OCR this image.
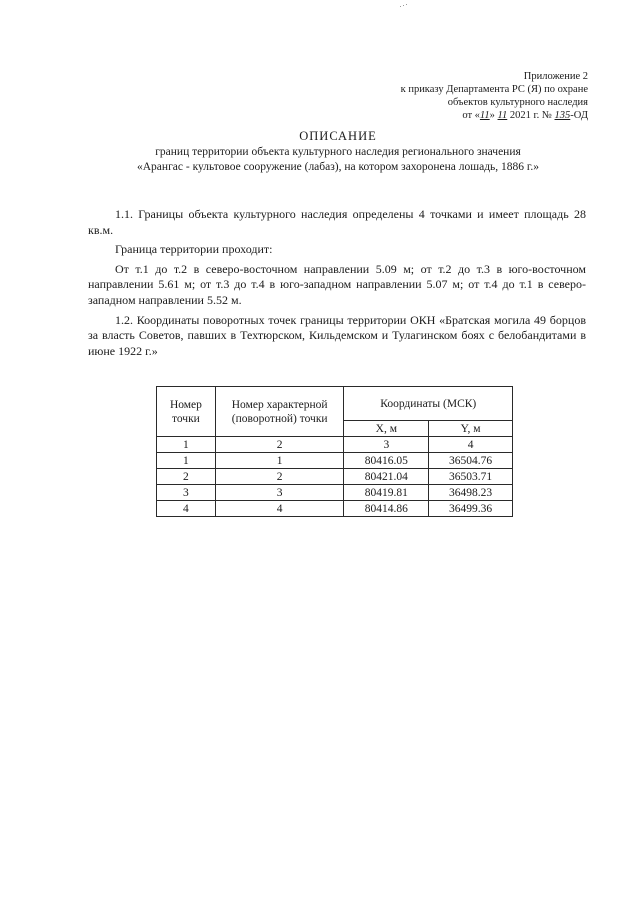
Приложение 2
к приказу Департамента РС (Я) по охране
объектов культурного наследия
от «11» 11 2021 г. № 135-ОД
ОПИСАНИЕ
границ территории объекта культурного наследия регионального значения
«Арангас - культовое сооружение (лабаз), на котором захоронена лошадь, 1886 г.»

1.1. Границы объекта культурного наследия определены 4 точками и имеет площадь 28 кв.м.

Граница территории проходит:

От т.1 до т.2 в северо-восточном направлении 5.09 м; от т.2 до т.3 в юго-восточном направлении 5.61 м; от т.3 до т.4 в юго-западном направлении 5.07 м; от т.4 до т.1 в северо-западном направлении 5.52 м.

1.2. Координаты поворотных точек границы территории ОКН «Братская могила 49 борцов за власть Советов, павших в Техтюрском, Кильдемском и Тулагинском боях с белобандитами в июне 1922 г.»

Номер точки	Номер характерной (поворотной) точки	Координаты (МСК)	
		X, м	Y, м
1	2	3	4
1	1	80416.05	36504.76
2	2	80421.04	36503.71
3	3	80419.81	36498.23
4	4	80414.86	36499.36
